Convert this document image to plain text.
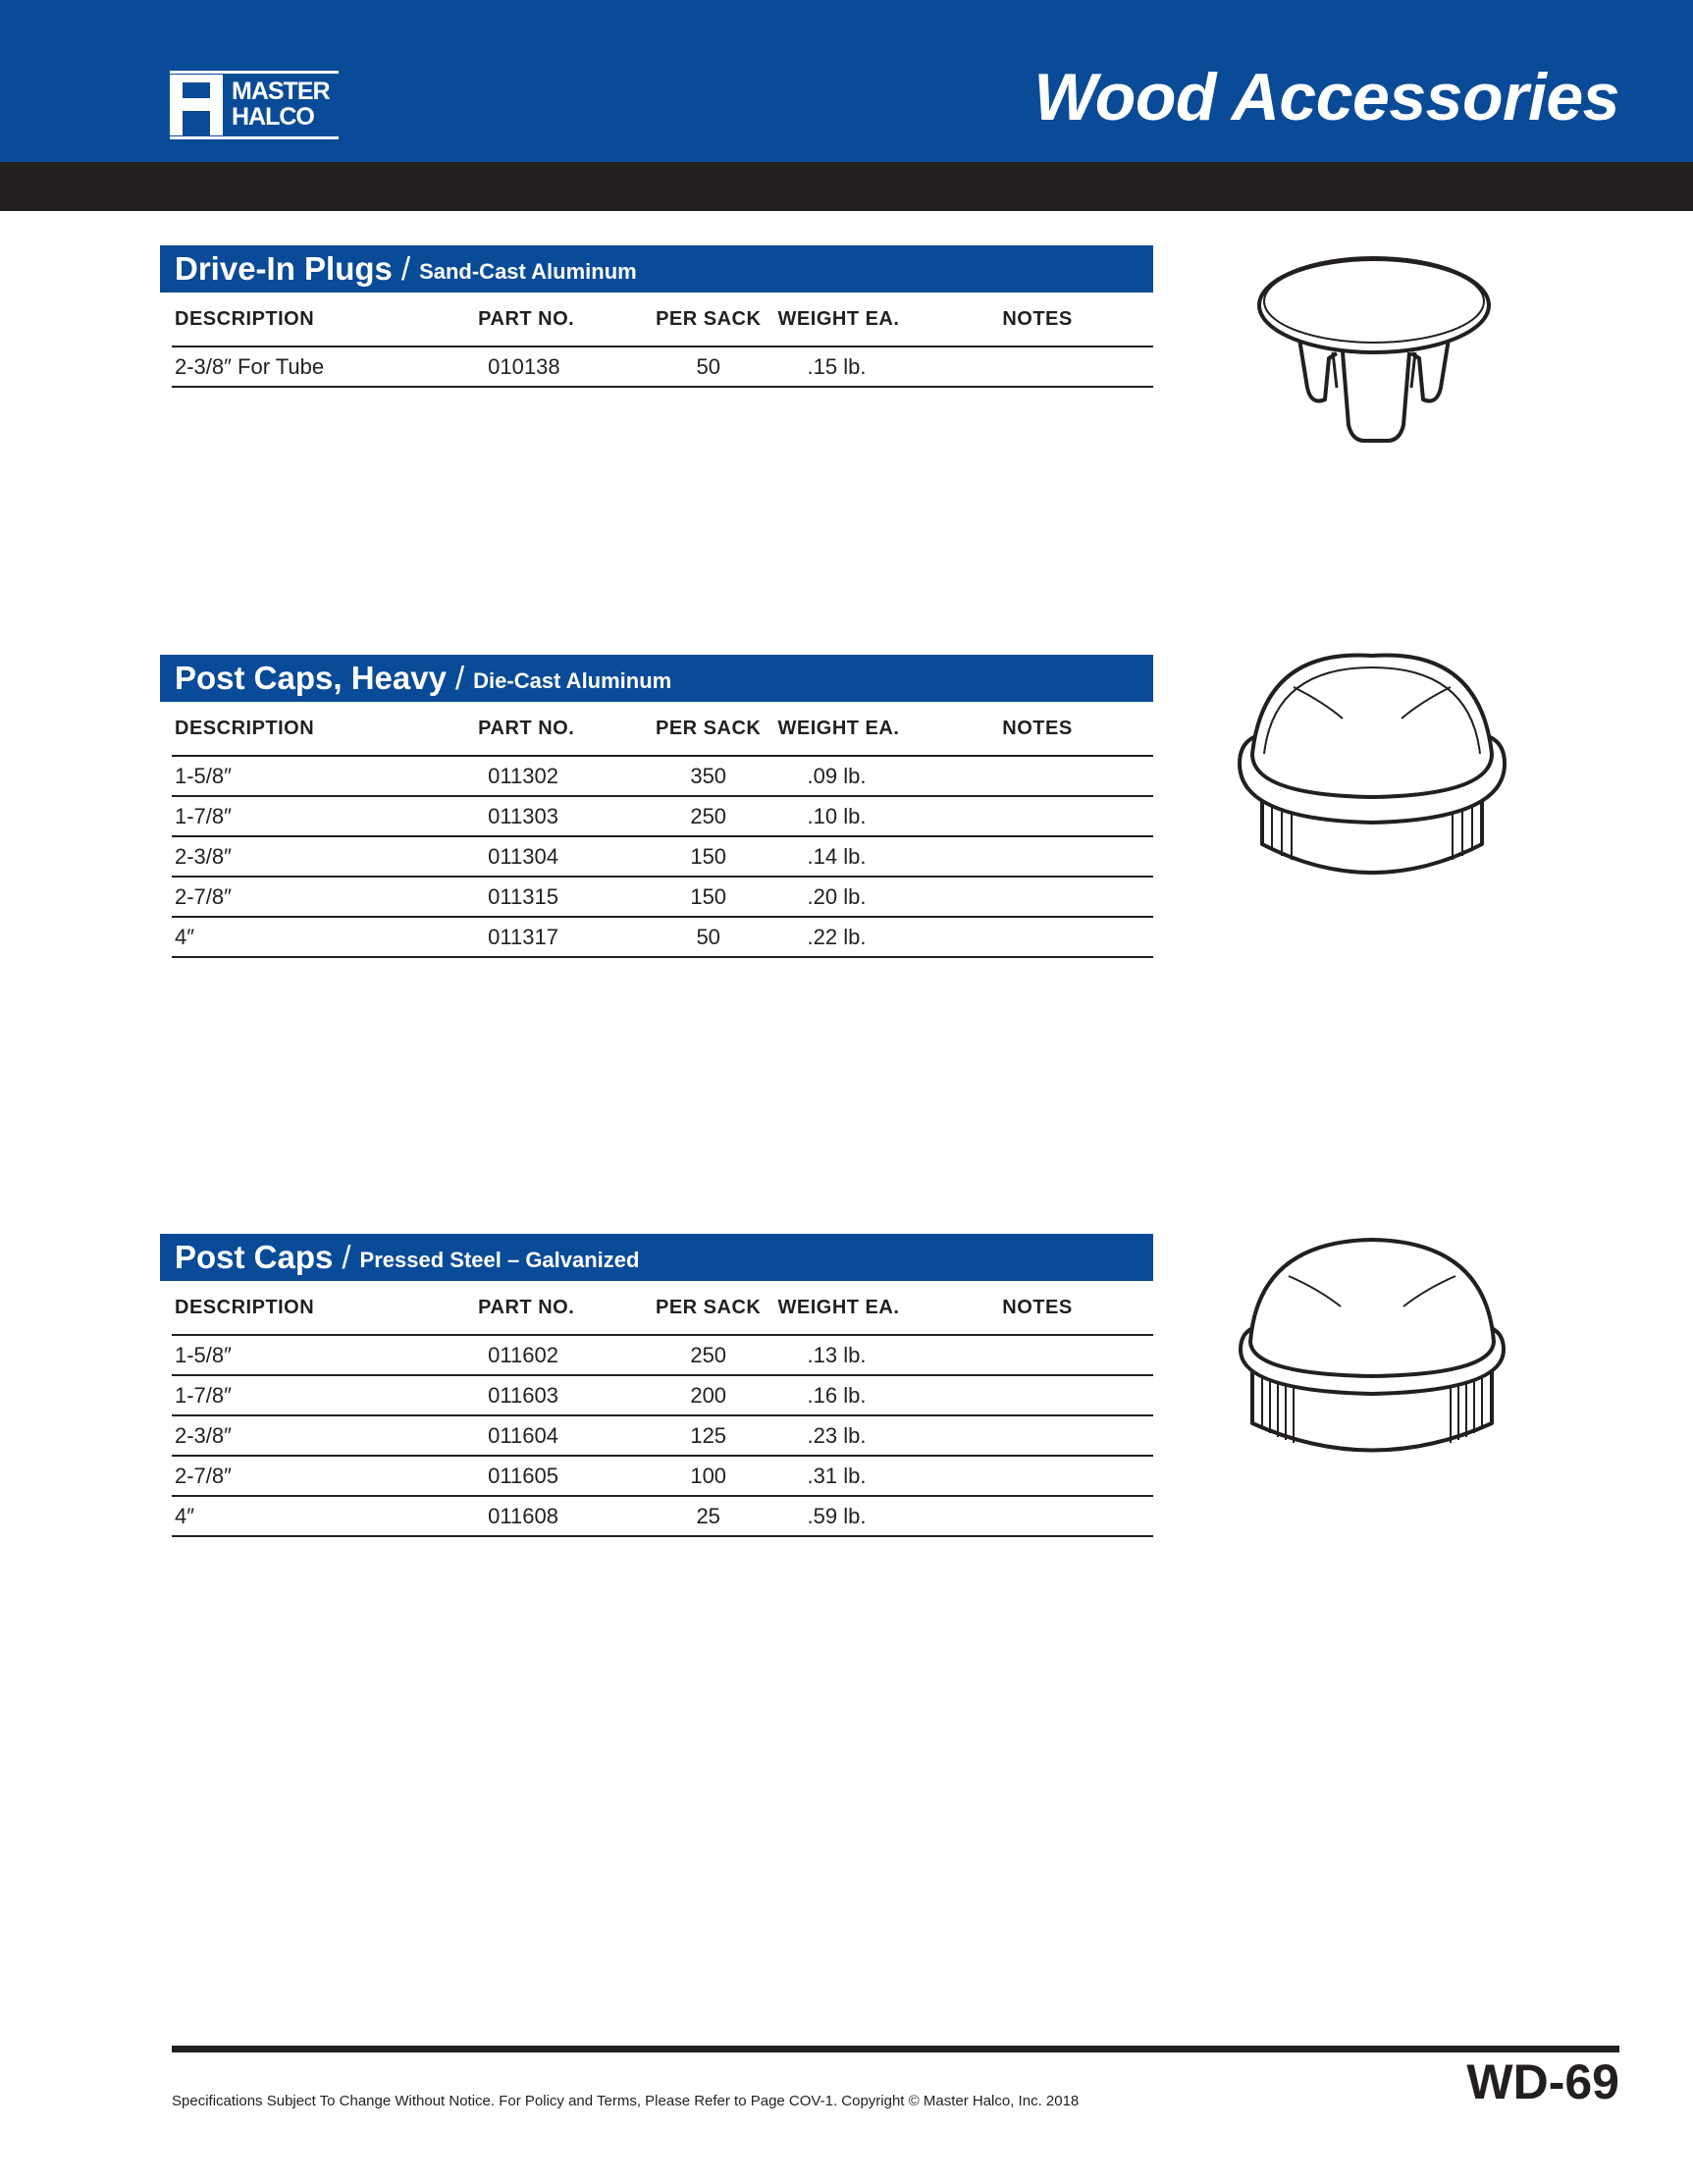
MASTER
HALCO	Wood Accessories
Drive-In Plugs / Sand-Cast Aluminum
DESCRIPTION	PART NO.	PER SACK	WEIGHT EA.	NOTES
2-3/8″ For Tube	010138	50	.15 lb.	
Post Caps, Heavy / Die-Cast Aluminum
DESCRIPTION	PART NO.	PER SACK	WEIGHT EA.	NOTES
1-5/8″	011302	350	.09 lb.	
1-7/8″	011303	250	.10 lb.	
2-3/8″	011304	150	.14 lb.	
2-7/8″	011315	150	.20 lb.	
4″	011317	50	.22 lb.	
Post Caps / Pressed Steel – Galvanized
DESCRIPTION	PART NO.	PER SACK	WEIGHT EA.	NOTES
1-5/8″	011602	250	.13 lb.	
1-7/8″	011603	200	.16 lb.	
2-3/8″	011604	125	.23 lb.	
2-7/8″	011605	100	.31 lb.	
4″	011608	25	.59 lb.	
Specifications Subject To Change Without Notice. For Policy and Terms, Please Refer to Page COV-1. Copyright © Master Halco, Inc. 2018	WD-69
